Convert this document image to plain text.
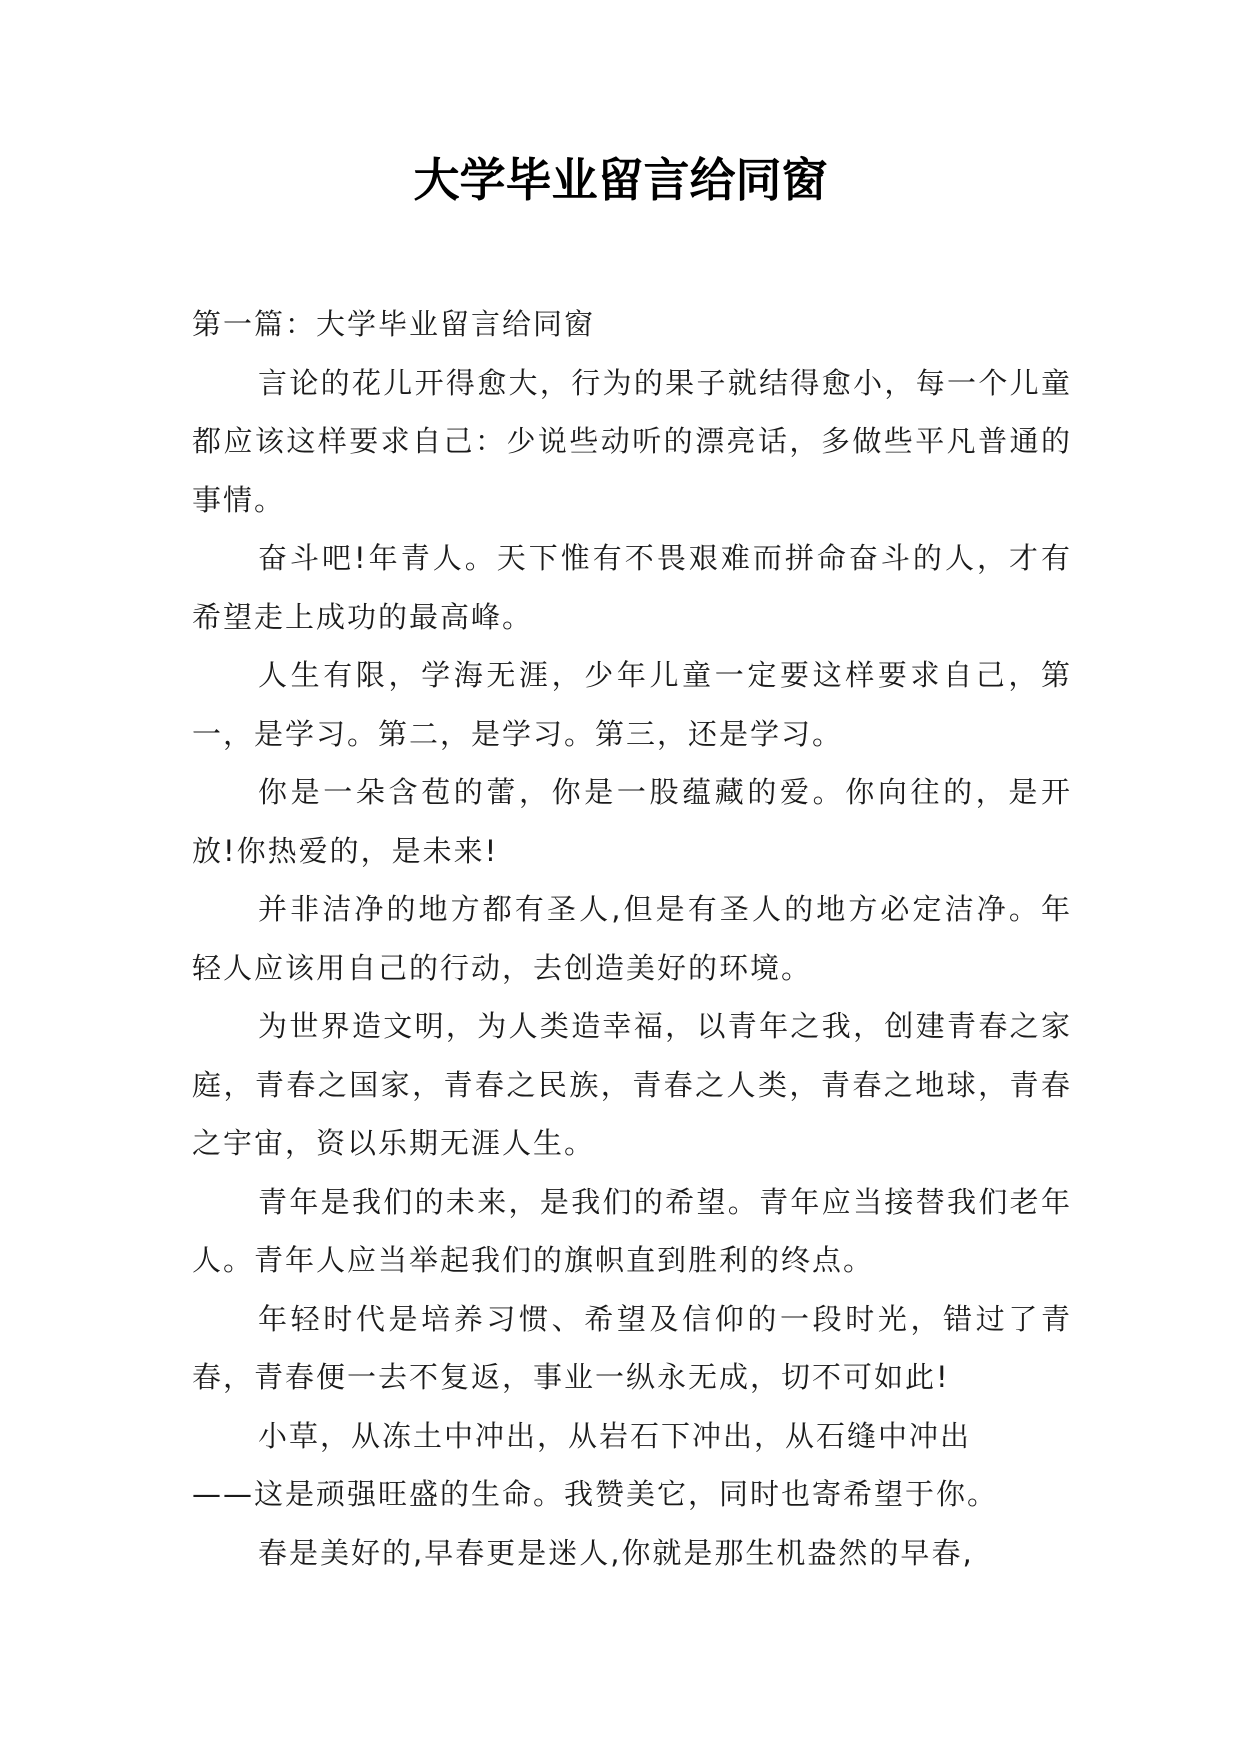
大学毕业留言给同窗
第一篇：大学毕业留言给同窗

言论的花儿开得愈大，行为的果子就结得愈小，每一个儿童都应该这样要求自己：少说些动听的漂亮话，多做些平凡普通的事情。

奋斗吧!年青人。天下惟有不畏艰难而拼命奋斗的人，才有希望走上成功的最高峰。

人生有限，学海无涯，少年儿童一定要这样要求自己，第一，是学习。第二，是学习。第三，还是学习。

你是一朵含苞的蕾，你是一股蕴藏的爱。你向往的，是开放!你热爱的，是未来!

并非洁净的地方都有圣人,但是有圣人的地方必定洁净。年轻人应该用自己的行动，去创造美好的环境。

为世界造文明，为人类造幸福，以青年之我，创建青春之家庭，青春之国家，青春之民族，青春之人类，青春之地球，青春之宇宙，资以乐期无涯人生。

青年是我们的未来，是我们的希望。青年应当接替我们老年人。青年人应当举起我们的旗帜直到胜利的终点。

年轻时代是培养习惯、希望及信仰的一段时光，错过了青春，青春便一去不复返，事业一纵永无成，切不可如此!

小草，从冻土中冲出，从岩石下冲出，从石缝中冲出

——这是顽强旺盛的生命。我赞美它，同时也寄希望于你。

春是美好的,早春更是迷人,你就是那生机盎然的早春,
